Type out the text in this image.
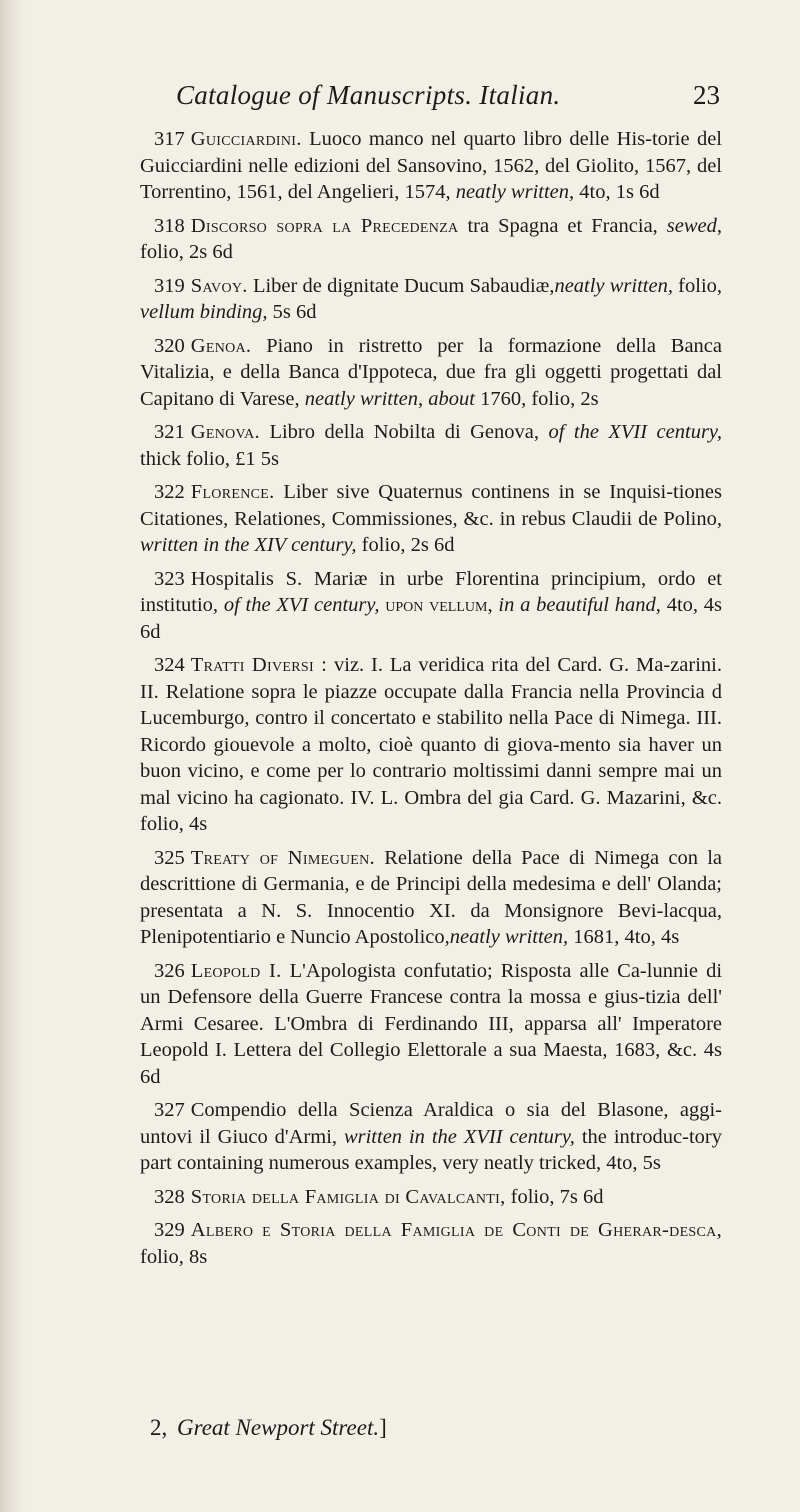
Catalogue of Manuscripts. Italian.	23

317 Guicciardini. Luoco manco nel quarto libro delle His-torie del Guicciardini nelle edizioni del Sansovino, 1562, del Giolito, 1567, del Torrentino, 1561, del Angelieri, 1574, neatly written, 4to, 1s 6d

318 Discorso sopra la Precedenza tra Spagna et Francia, sewed, folio, 2s 6d

319 Savoy. Liber de dignitate Ducum Sabaudiæ,neatly written, folio, vellum binding, 5s 6d

320 Genoa. Piano in ristretto per la formazione della Banca Vitalizia, e della Banca d'Ippoteca, due fra gli oggetti progettati dal Capitano di Varese, neatly written, about 1760, folio, 2s

321 Genova. Libro della Nobilta di Genova, of the XVII century, thick folio, £1 5s

322 Florence. Liber sive Quaternus continens in se Inquisi-tiones Citationes, Relationes, Commissiones, &c. in rebus Claudii de Polino, written in the XIV century, folio, 2s 6d

323 Hospitalis S. Mariæ in urbe Florentina principium, ordo et institutio, of the XVI century, upon vellum, in a beautiful hand, 4to, 4s 6d

324 Tratti Diversi : viz. I. La veridica rita del Card. G. Ma-zarini. II. Relatione sopra le piazze occupate dalla Francia nella Provincia d Lucemburgo, contro il concertato e stabilito nella Pace di Nimega. III. Ricordo giouevole a molto, cioè quanto di giova-mento sia haver un buon vicino, e come per lo contrario moltissimi danni sempre mai un mal vicino ha cagionato. IV. L. Ombra del gia Card. G. Mazarini, &c. folio, 4s

325 Treaty of Nimeguen. Relatione della Pace di Nimega con la descrittione di Germania, e de Principi della medesima e dell' Olanda; presentata a N. S. Innocentio XI. da Monsignore Bevi-lacqua, Plenipotentiario e Nuncio Apostolico,neatly written, 1681, 4to, 4s

326 Leopold I. L'Apologista confutatio; Risposta alle Ca-lunnie di un Defensore della Guerre Francese contra la mossa e gius-tizia dell' Armi Cesaree. L'Ombra di Ferdinando III, apparsa all' Imperatore Leopold I. Lettera del Collegio Elettorale a sua Maesta, 1683, &c. 4s 6d

327 Compendio della Scienza Araldica o sia del Blasone, aggi-untovi il Giuco d'Armi, written in the XVII century, the introduc-tory part containing numerous examples, very neatly tricked, 4to, 5s

328 Storia della Famiglia di Cavalcanti, folio, 7s 6d

329 Albero e Storia della Famiglia de Conti de Gherar-desca, folio, 8s

2, Great Newport Street.]
